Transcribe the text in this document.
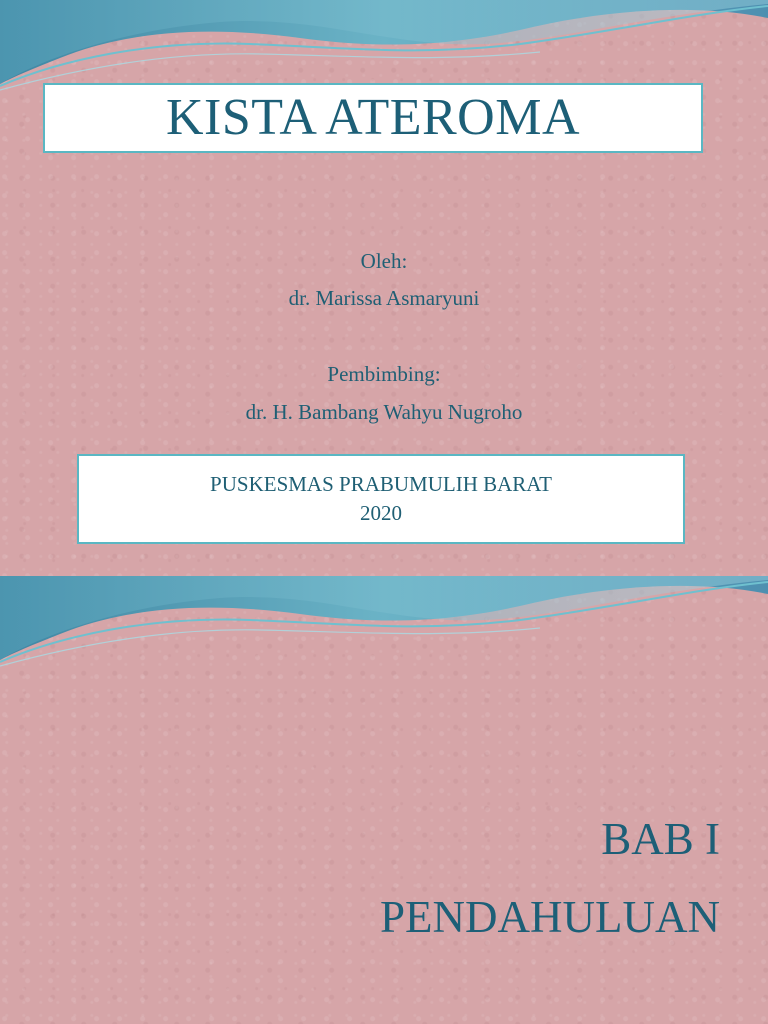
KISTA ATEROMA
Oleh:
dr. Marissa Asmaryuni
Pembimbing:
dr. H. Bambang Wahyu Nugroho
PUSKESMAS PRABUMULIH BARAT
2020
BAB I
PENDAHULUAN
